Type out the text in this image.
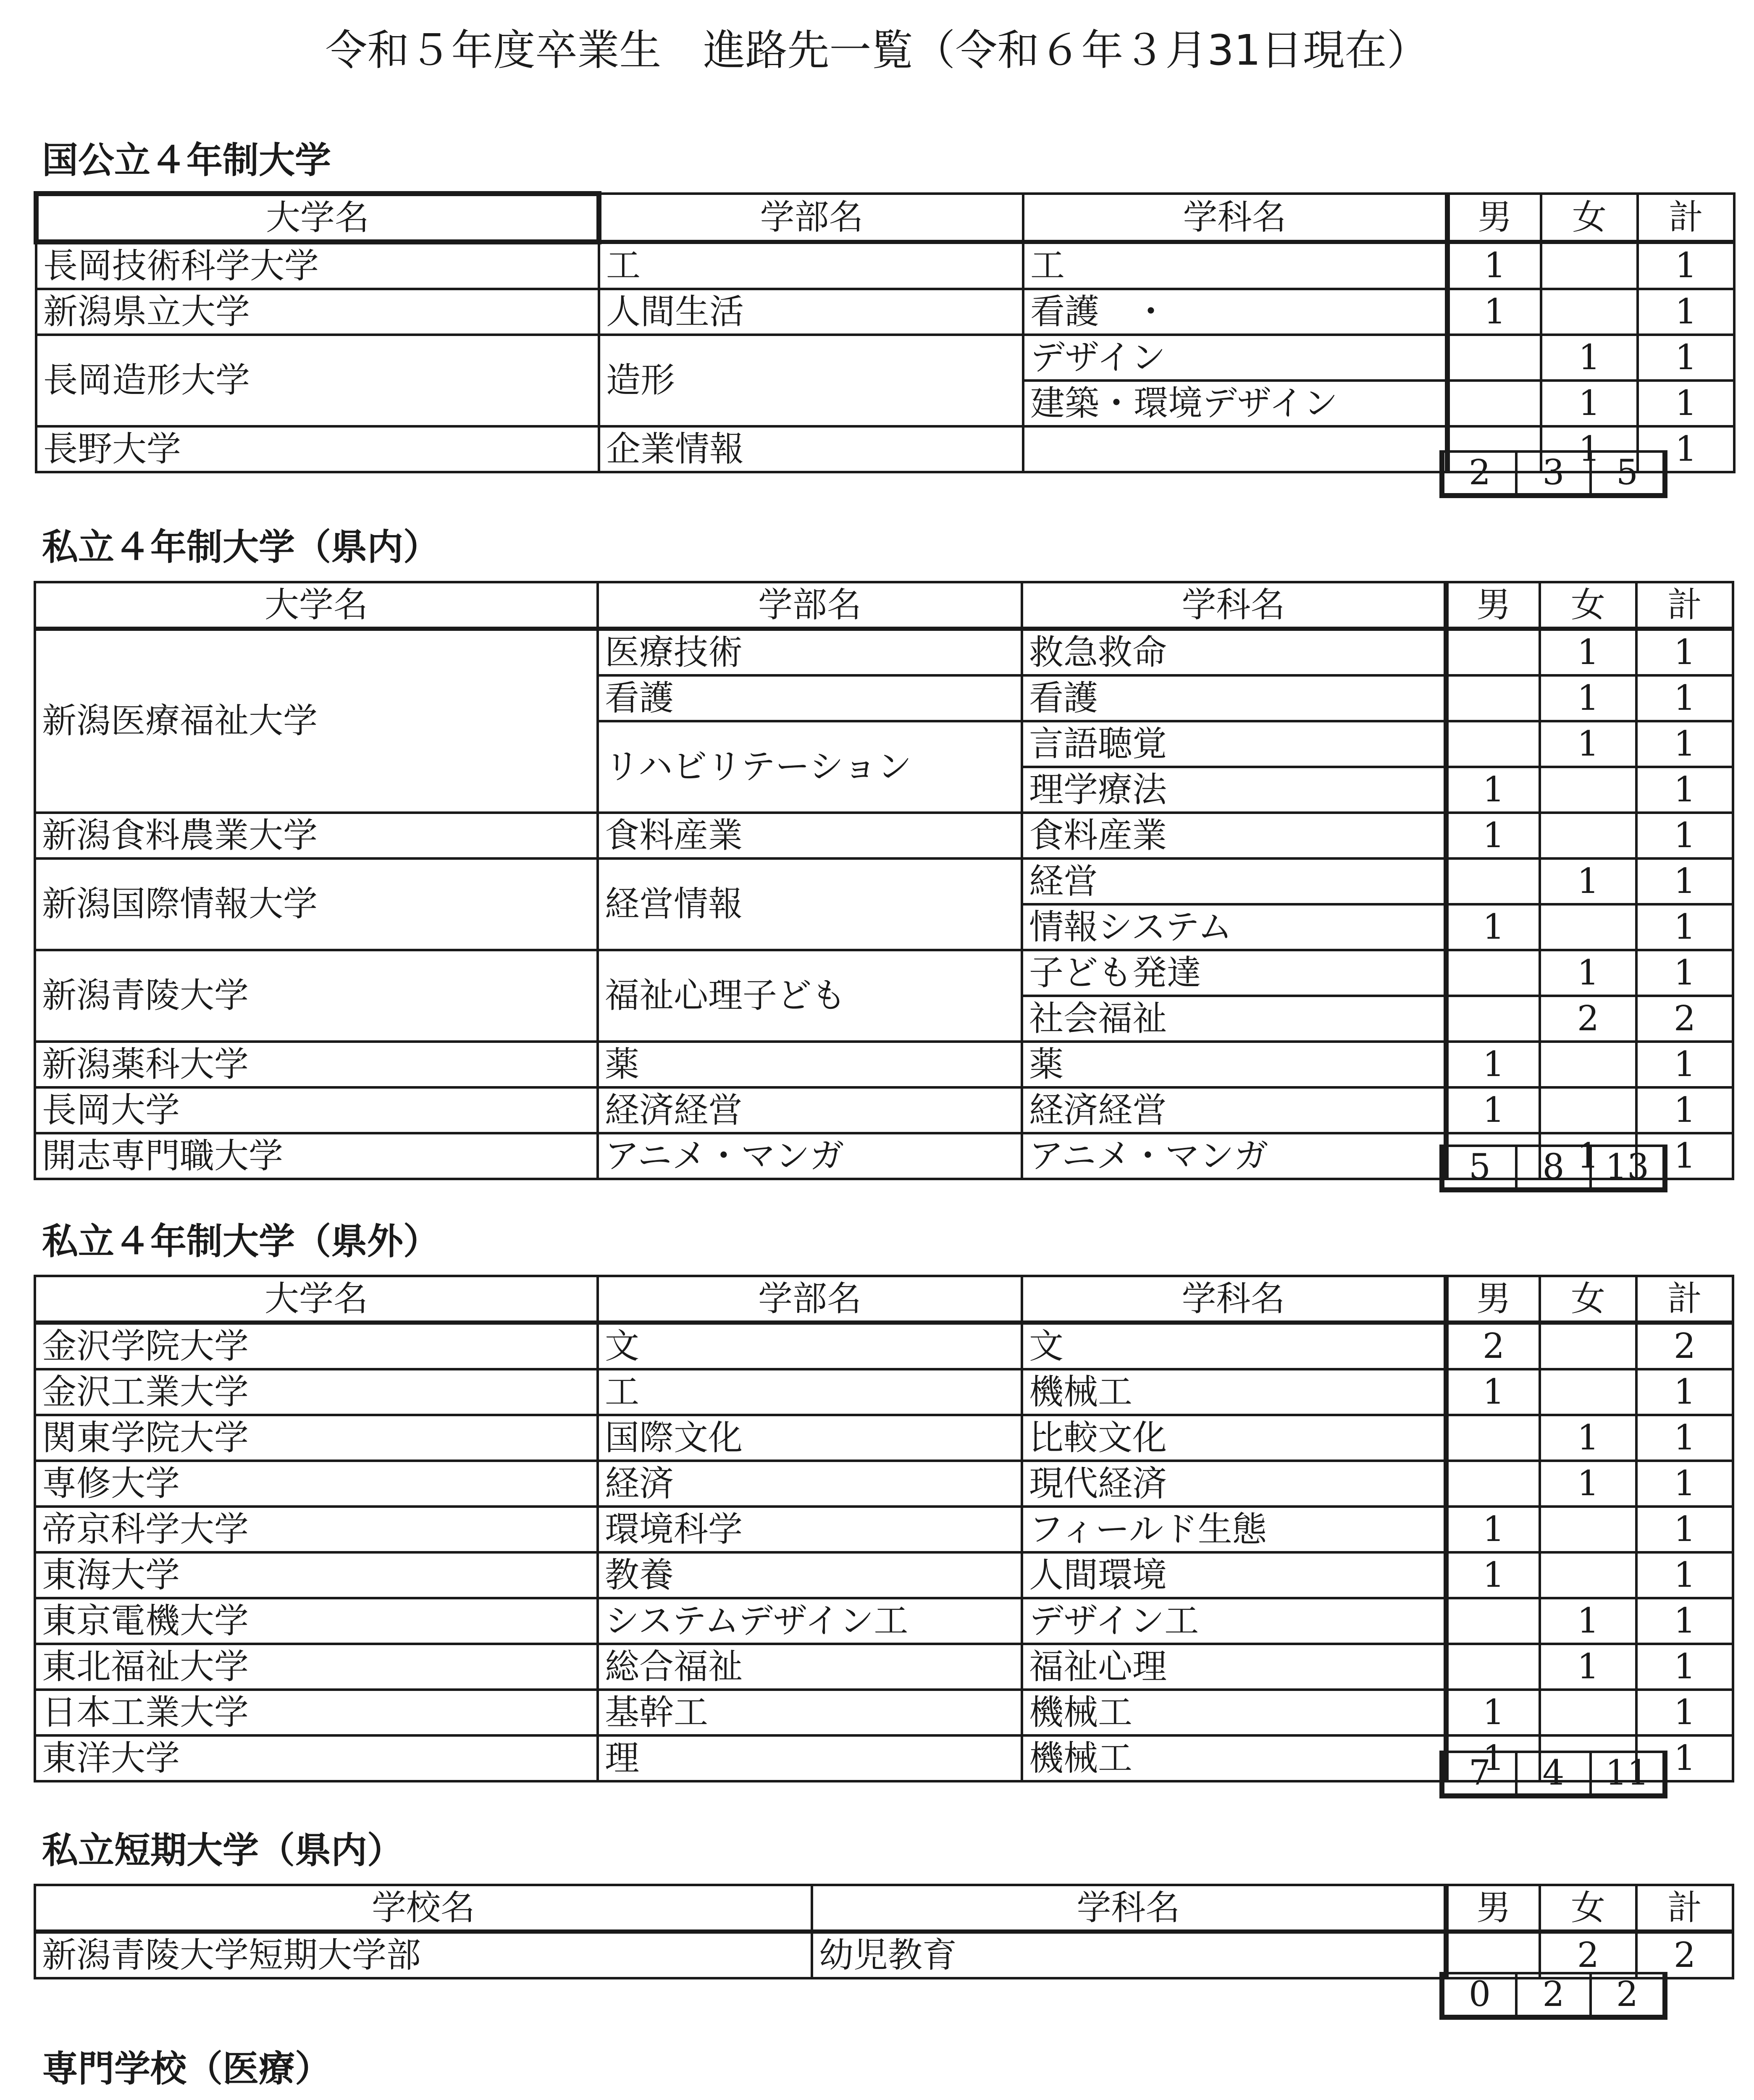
令和５年度卒業生　進路先一覧（令和６年３月31日現在）
国公立４年制大学
大学名	学部名	学科名	男	女	計
長岡技術科学大学	工	工	1		1
新潟県立大学	人間生活	看護　・	1		1
長岡造形大学	造形	デザイン		1	1
		建築・環境デザイン		1	1
長野大学	企業情報			1	1
2	3	5
私立４年制大学（県内）
大学名	学部名	学科名	男	女	計
新潟医療福祉大学	医療技術	救急救命		1	1
	看護	看護		1	1
	リハビリテーション	言語聴覚		1	1
		理学療法	1		1
新潟食料農業大学	食料産業	食料産業	1		1
新潟国際情報大学	経営情報	経営		1	1
		情報システム	1		1
新潟青陵大学	福祉心理子ども	子ども発達		1	1
		社会福祉		2	2
新潟薬科大学	薬	薬	1		1
長岡大学	経済経営	経済経営	1		1
開志専門職大学	アニメ・マンガ	アニメ・マンガ		1	1
5	8	13
私立４年制大学（県外）
大学名	学部名	学科名	男	女	計
金沢学院大学	文	文	2		2
金沢工業大学	工	機械工	1		1
関東学院大学	国際文化	比較文化		1	1
専修大学	経済	現代経済		1	1
帝京科学大学	環境科学	フィールド生態	1		1
東海大学	教養	人間環境	1		1
東京電機大学	システムデザイン工	デザイン工		1	1
東北福祉大学	総合福祉	福祉心理		1	1
日本工業大学	基幹工	機械工	1		1
東洋大学	理	機械工	1		1
7	4	11
私立短期大学（県内）
学校名	学科名	男	女	計
新潟青陵大学短期大学部	幼児教育		2	2
0	2	2
専門学校（医療）
